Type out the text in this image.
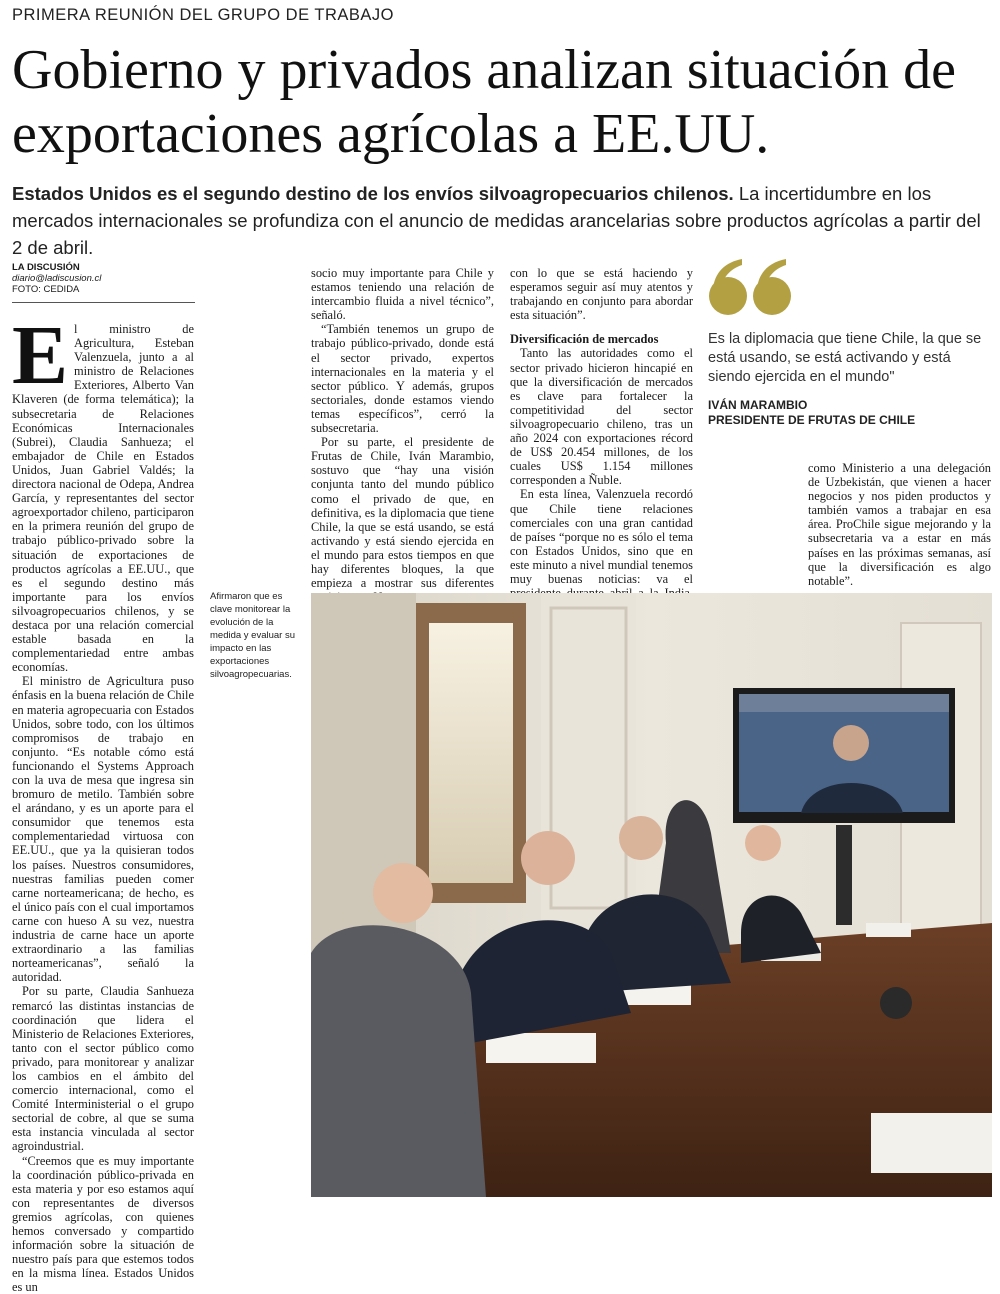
PRIMERA REUNIÓN DEL GRUPO DE TRABAJO
Gobierno y privados analizan situación de exportaciones agrícolas a EE.UU.

Estados Unidos es el segundo destino de los envíos silvoagropecuarios chilenos. La incertidumbre en los mercados internacionales se profundiza con el anuncio de medidas arancelarias sobre productos agrícolas a partir del 2 de abril.

LA DISCUSIÓN
diario@ladiscusion.cl
FOTO: CEDIDA

El ministro de Agricultura, Esteban Valenzuela, junto a al ministro de Relaciones Exteriores, Alberto Van Klaveren (de forma telemática); la subsecretaria de Relaciones Económicas Internacionales (Subrei), Claudia Sanhueza; el embajador de Chile en Estados Unidos, Juan Gabriel Valdés; la directora nacional de Odepa, Andrea García, y representantes del sector agroexportador chileno, participaron en la primera reunión del grupo de trabajo público-privado sobre la situación de exportaciones de productos agrícolas a EE.UU., que es el segundo destino más importante para los envíos silvoagropecuarios chilenos, y se destaca por una relación comercial estable basada en la complementariedad entre ambas economías.

El ministro de Agricultura puso énfasis en la buena relación de Chile en materia agropecuaria con Estados Unidos, sobre todo, con los últimos compromisos de trabajo en conjunto. “Es notable cómo está funcionando el Systems Approach con la uva de mesa que ingresa sin bromuro de metilo. También sobre el arándano, y es un aporte para el consumidor que tenemos esta complementariedad virtuosa con EE.UU., que ya la quisieran todos los países. Nuestros consumidores, nuestras familias pueden comer carne norteamericana; de hecho, es el único país con el cual importamos carne con hueso A su vez, nuestra industria de carne hace un aporte extraordinario a las familias norteamericanas”, señaló la autoridad.

Por su parte, Claudia Sanhueza remarcó las distintas instancias de coordinación que lidera el Ministerio de Relaciones Exteriores, tanto con el sector público como privado, para monitorear y analizar los cambios en el ámbito del comercio internacional, como el Comité Interministerial o el grupo sectorial de cobre, al que se suma esta instancia vinculada al sector agroindustrial.

“Creemos que es muy importante la coordinación público-privada en esta materia y por eso estamos aquí con representantes de diversos gremios agrícolas, con quienes hemos conversado y compartido información sobre la situación de nuestro país para que estemos todos en la misma línea. Estados Unidos es un

socio muy importante para Chile y estamos teniendo una relación de intercambio fluida a nivel técnico”, señaló.

“También tenemos un grupo de trabajo público-privado, donde está el sector privado, expertos internacionales en la materia y el sector público. Y además, grupos sectoriales, donde estamos viendo temas específicos”, cerró la subsecretaria.

Por su parte, el presidente de Frutas de Chile, Iván Marambio, sostuvo que “hay una visión conjunta tanto del mundo público como el privado de que, en definitiva, es la diplomacia que tiene Chile, la que se está usando, se está activando y está siendo ejercida en el mundo para estos tiempos en que hay diferentes bloques, la que empieza a mostrar sus diferentes

con lo que se está haciendo y esperamos seguir así muy atentos y trabajando en conjunto para abordar esta situación”.

Diversificación de mercados

Tanto las autoridades como el sector privado hicieron hincapié en que la diversificación de mercados es clave para fortalecer la competitividad del sector silvoagropecuario chileno, tras un año 2024 con exportaciones récord de US$ 20.454 millones, de los cuales US$ 1.154 millones corresponden a Ñuble.

En esta línea, Valenzuela recordó que Chile tiene relaciones comerciales con una gran cantidad de países “porque no es sólo el tema con Estados Unidos, sino que en este minuto a nivel mundial tenemos muy buenas noticias: va el

como Ministerio a una delegación de Uzbekistán, que vienen a hacer negocios y nos piden productos y también vamos a trabajar en esa área. ProChile sigue mejorando y la subsecretaria va a estar en más países en las próximas semanas, así que la diversificación es algo notable”.

Es la diplomacia que tiene Chile, la que se está usando, se está activando y está siendo ejercida en el mundo"

IVÁN MARAMBIO
PRESIDENTE DE FRUTAS DE CHILE
Afirmaron que es clave monitorear la evolución de la medida y evaluar su impacto en las exportaciones silvoagropecuarias.
